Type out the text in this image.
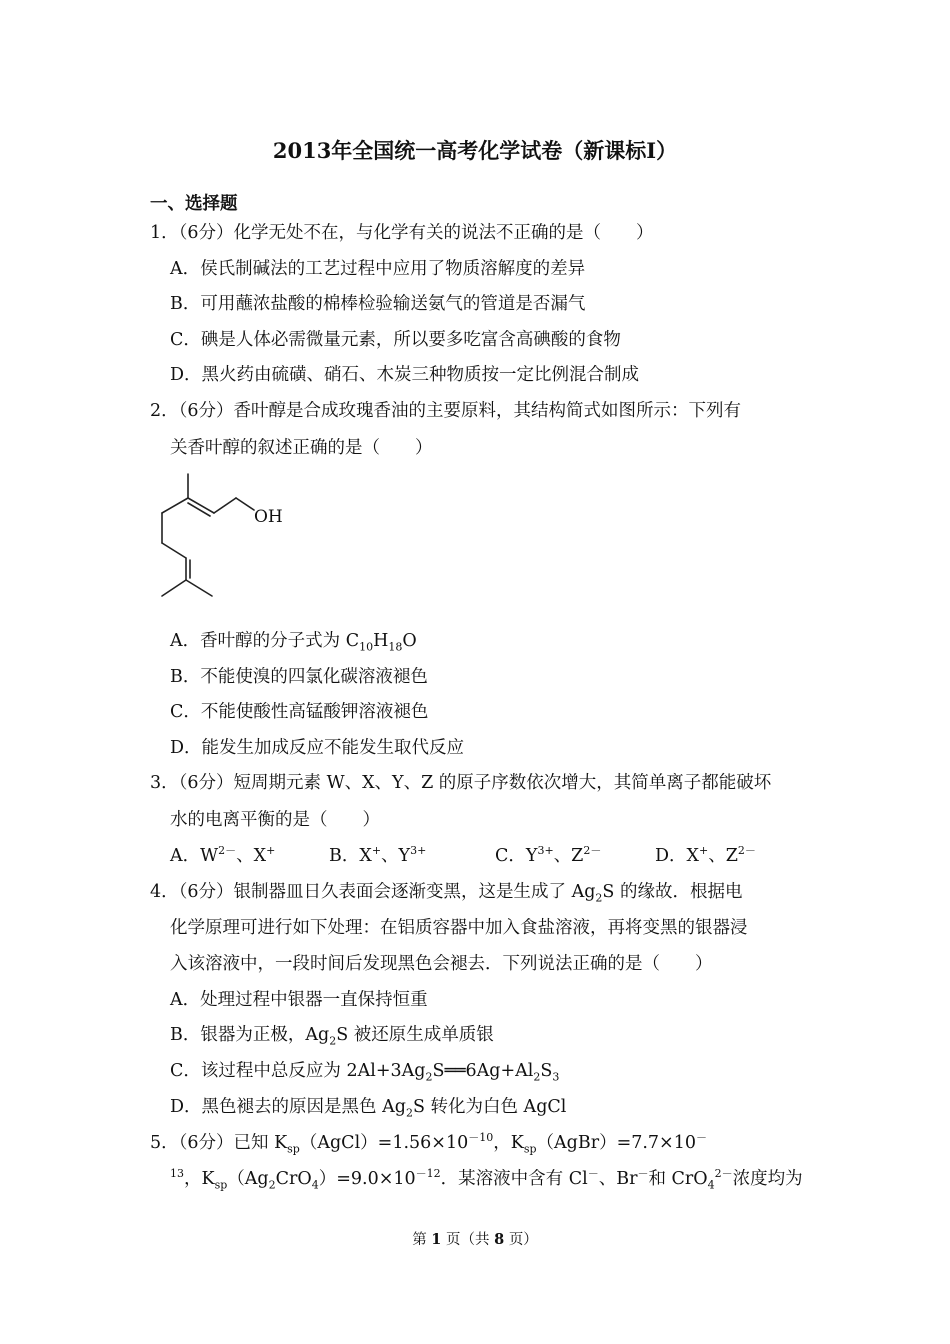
2013年全国统一高考化学试卷（新课标Ⅰ）
一、选择题
1．（6分）化学无处不在，与化学有关的说法不正确的是（　　）
A．侯氏制碱法的工艺过程中应用了物质溶解度的差异
B．可用蘸浓盐酸的棉棒检验输送氨气的管道是否漏气
C．碘是人体必需微量元素，所以要多吃富含高碘酸的食物
D．黑火药由硫磺、硝石、木炭三种物质按一定比例混合制成
2．（6分）香叶醇是合成玫瑰香油的主要原料，其结构简式如图所示：下列有
关香叶醇的叙述正确的是（　　）
OH
A．香叶醇的分子式为 $C_{10}H_{18}O$
B．不能使溴的四氯化碳溶液褪色
C．不能使酸性高锰酸钾溶液褪色
D．能发生加成反应不能发生取代反应
3．（6分）短周期元素 W、X、Y、Z 的原子序数依次增大，其简单离子都能破坏
水的电离平衡的是（　　）
A．$W^{2-}$、X+	B．X+、$Y^{3+}$	C．$Y^{3+}$、$Z^{2-}$	D．X+、$Z^{2-}$
4．（6分）银制器皿日久表面会逐渐变黑，这是生成了 $Ag_2S$ 的缘故．根据电
化学原理可进行如下处理：在铝质容器中加入食盐溶液，再将变黑的银器浸
入该溶液中，一段时间后发现黑色会褪去．下列说法正确的是（　　）
A．处理过程中银器一直保持恒重
B．银器为正极，$Ag_2S$ 被还原生成单质银
C．该过程中总反应为 $2Al+3Ag_2S══6Ag+Al_2S_3$
D．黑色褪去的原因是黑色 $Ag_2S$ 转化为白色 AgCl
5．（6分）已知 $K_{sp}(AgCl)=1.56\times 10^{-10}$，$K_{sp}(AgBr)=7.7\times 10^-$
$^{13}$，$K_{sp}(Ag_2CrO_4)=9.0\times 10^{-12}$．某溶液中含有 Cl－、Br－和 CrO$_4^{2-}$浓度均为
第 1 页（共 8 页）
